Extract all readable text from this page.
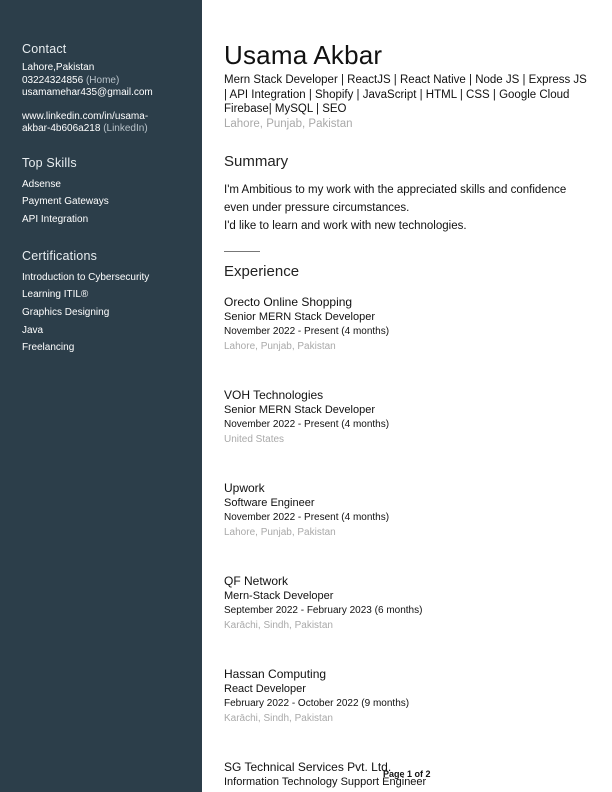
Contact
Lahore,Pakistan
03224324856 (Home)
usamamehar435@gmail.com
www.linkedin.com/in/usama-
akbar-4b606a218 (LinkedIn)
Top Skills
Adsense
Payment Gateways
API Integration
Certifications
Introduction to Cybersecurity
Learning ITIL®
Graphics Designing
Java
Freelancing
Usama Akbar
Mern Stack Developer | ReactJS | React Native | Node JS | Express JS | API Integration | Shopify | JavaScript | HTML | CSS | Google Cloud Firebase| MySQL | SEO
Lahore, Punjab, Pakistan
Summary

I'm Ambitious to my work with the appreciated skills and confidence even under pressure circumstances.

I'd like to learn and work with new technologies.

Experience
Orecto Online Shopping
Senior MERN Stack Developer
November 2022 - Present (4 months)
Lahore, Punjab, Pakistan
VOH Technologies
Senior MERN Stack Developer
November 2022 - Present (4 months)
United States
Upwork
Software Engineer
November 2022 - Present (4 months)
Lahore, Punjab, Pakistan
QF Network
Mern-Stack Developer
September 2022 - February 2023 (6 months)
Karāchi, Sindh, Pakistan
Hassan Computing
React Developer
February 2022 - October 2022 (9 months)
Karāchi, Sindh, Pakistan
SG Technical Services Pvt. Ltd.
Information Technology Support Engineer
Page 1 of 2
